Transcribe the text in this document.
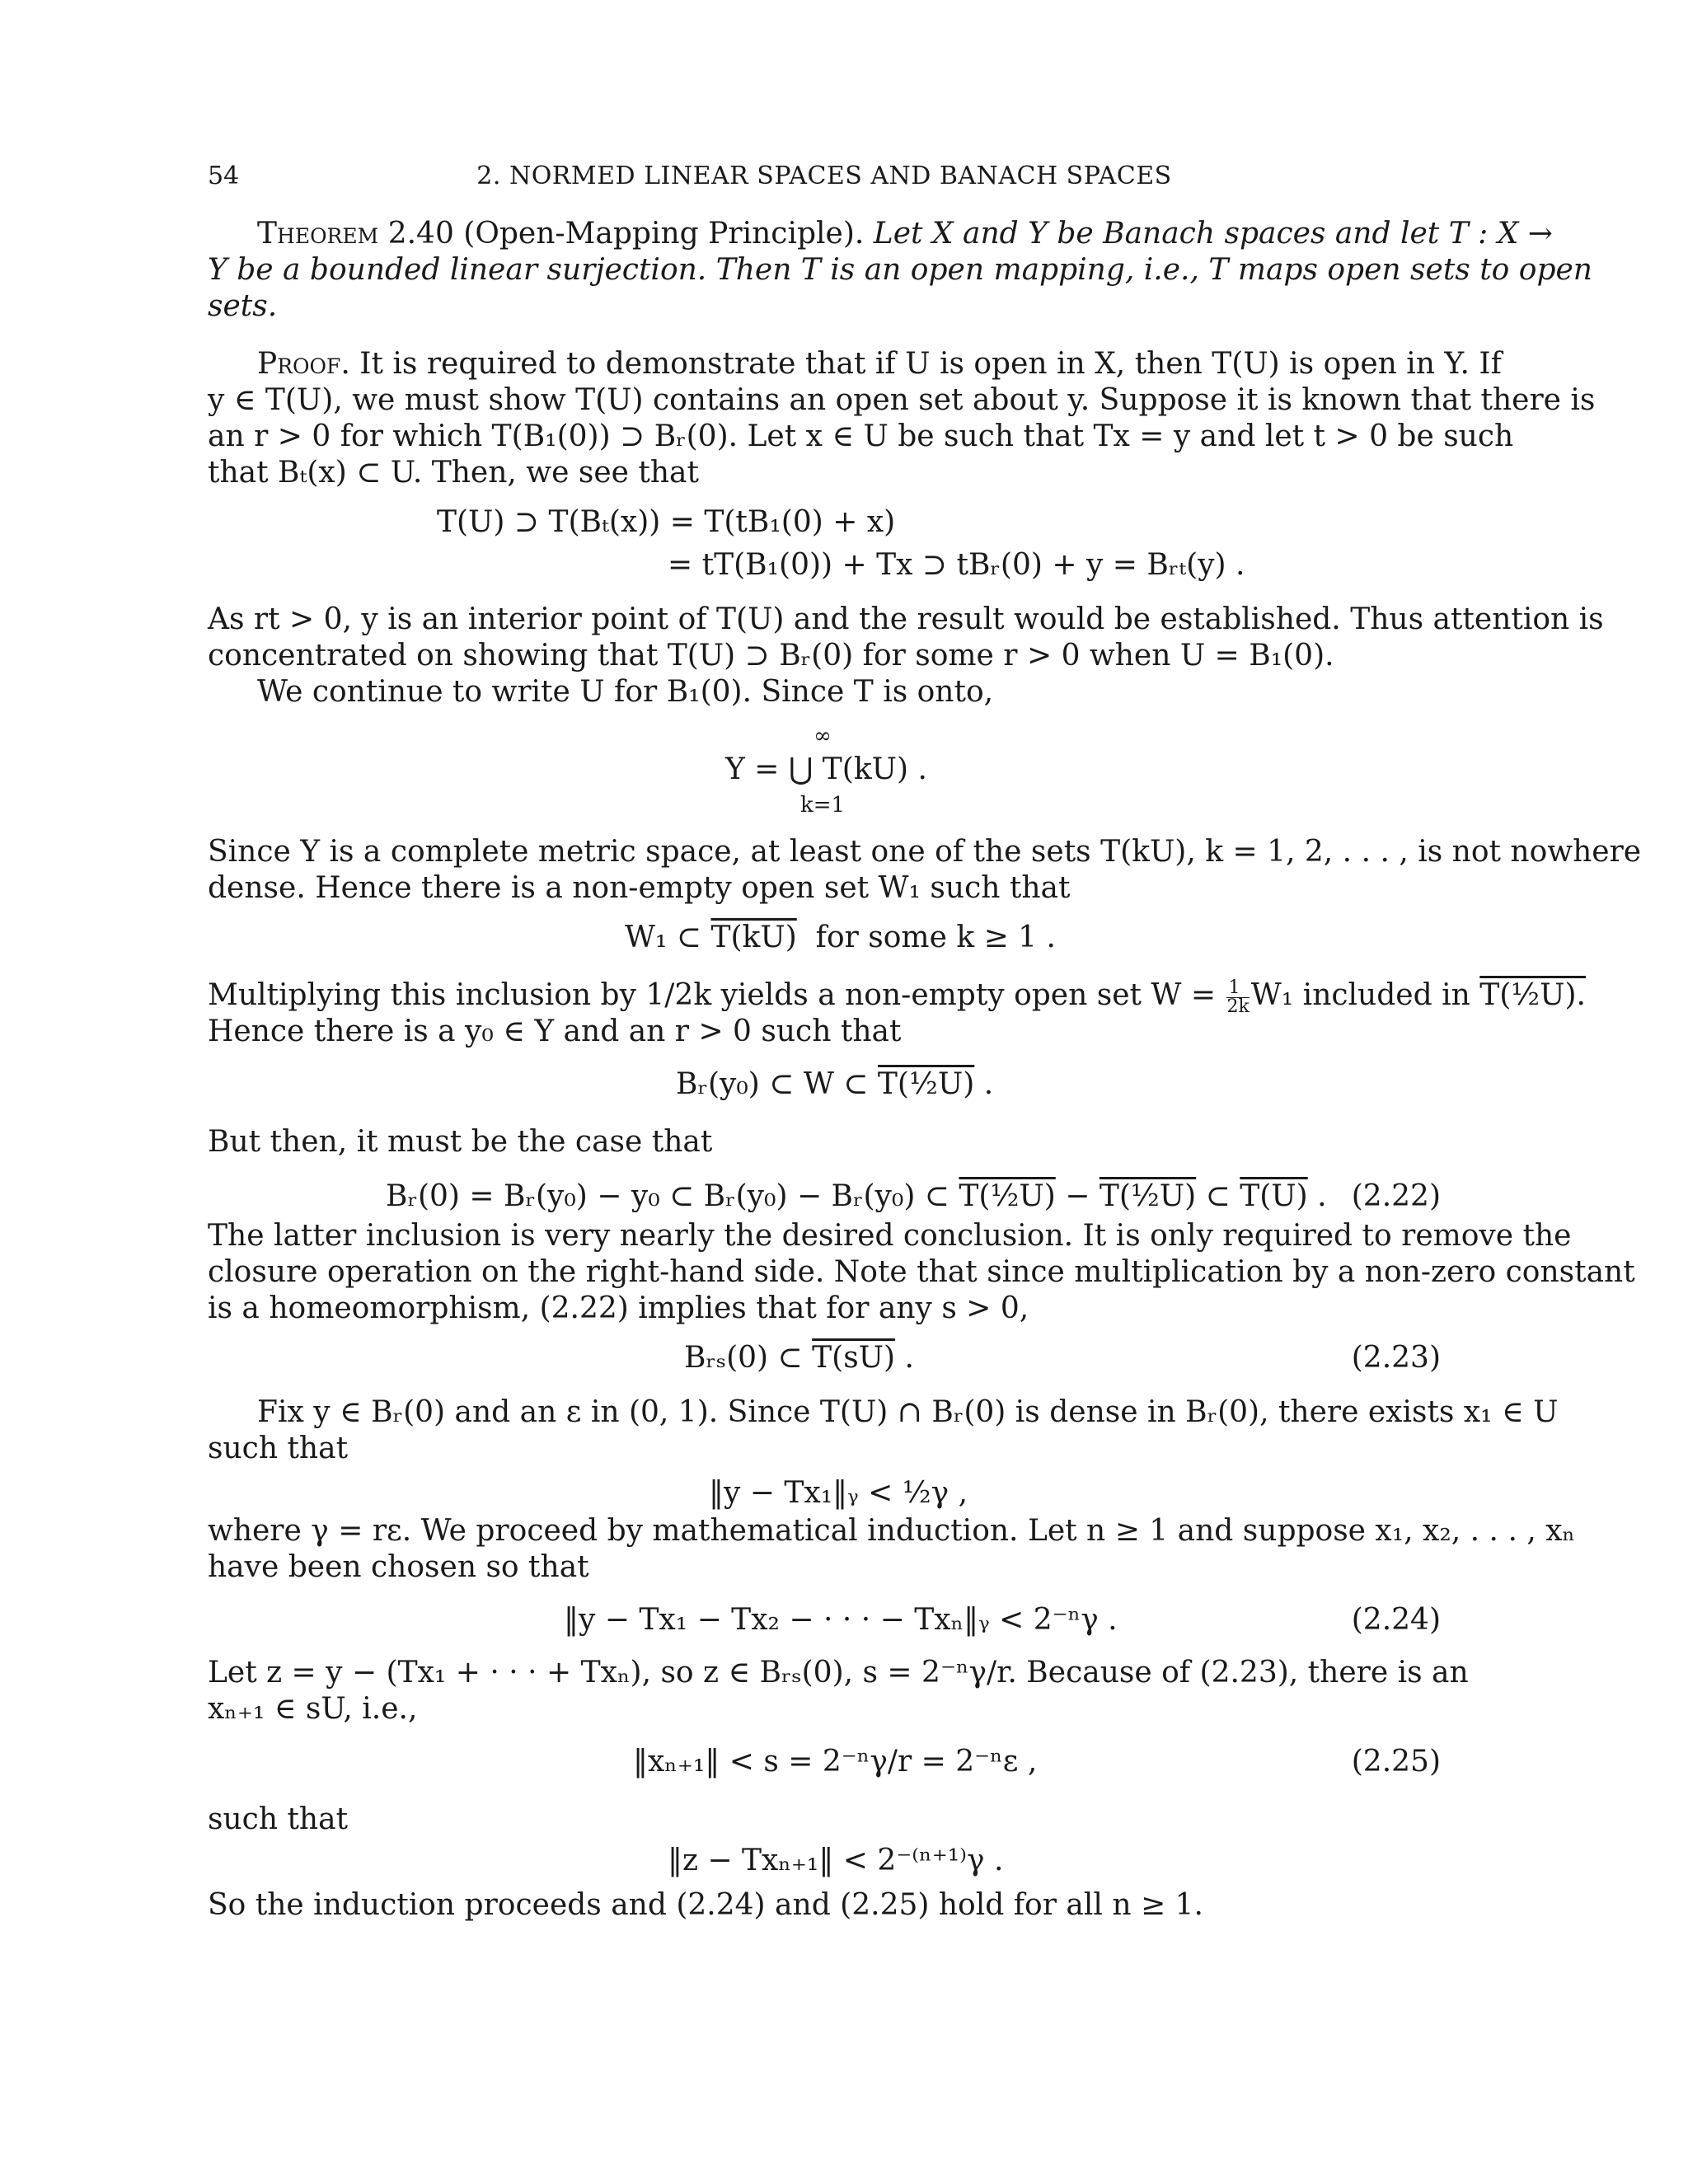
54	2. NORMED LINEAR SPACES AND BANACH SPACES
Theorem 2.40 (Open-Mapping Principle). Let X and Y be Banach spaces and let T : X →
Y be a bounded linear surjection. Then T is an open mapping, i.e., T maps open sets to open
sets.
Proof. It is required to demonstrate that if U is open in X, then T(U) is open in Y. If
y ∈ T(U), we must show T(U) contains an open set about y. Suppose it is known that there is
an r > 0 for which T(B₁(0)) ⊃ Bᵣ(0). Let x ∈ U be such that Tx = y and let t > 0 be such
that Bₜ(x) ⊂ U. Then, we see that
T(U) ⊃ T(Bₜ(x)) = T(tB₁(0) + x)
= tT(B₁(0)) + Tx ⊃ tBᵣ(0) + y = Bᵣₜ(y) .
As rt > 0, y is an interior point of T(U) and the result would be established. Thus attention is
concentrated on showing that T(U) ⊃ Bᵣ(0) for some r > 0 when U = B₁(0).
We continue to write U for B₁(0). Since T is onto,
∞
Y = ⋃ T(kU) .
k=1
Since Y is a complete metric space, at least one of the sets T(kU), k = 1, 2, . . . , is not nowhere
dense. Hence there is a non-empty open set W₁ such that
W₁ ⊂ T(kU)  for some k ≥ 1 .
Multiplying this inclusion by 1/2k yields a non-empty open set $W = \frac{1}{2k} W_1$ included in T(½U).
Hence there is a y₀ ∈ Y and an r > 0 such that
Bᵣ(y₀) ⊂ W ⊂ T(½U) .
But then, it must be the case that
Bᵣ(0) = Bᵣ(y₀) − y₀ ⊂ Bᵣ(y₀) − Bᵣ(y₀) ⊂ T(½U) − T(½U) ⊂ T(U) . (2.22)
The latter inclusion is very nearly the desired conclusion. It is only required to remove the
closure operation on the right-hand side. Note that since multiplication by a non-zero constant
is a homeomorphism, (2.22) implies that for any s > 0,
Bᵣₛ(0) ⊂ T(sU) .	(2.23)
Fix y ∈ Bᵣ(0) and an ε in (0, 1). Since T(U) ∩ Bᵣ(0) is dense in Bᵣ(0), there exists x₁ ∈ U
such that
‖y − Tx₁‖ᵧ < ½γ ,
where γ = rε. We proceed by mathematical induction. Let n ≥ 1 and suppose x₁, x₂, . . . , xₙ
have been chosen so that
‖y − Tx₁ − Tx₂ − · · · − Txₙ‖ᵧ < 2⁻ⁿγ .	(2.24)
Let z = y − (Tx₁ + · · · + Txₙ), so z ∈ Bᵣₛ(0), s = 2⁻ⁿγ/r. Because of (2.23), there is an
xₙ₊₁ ∈ sU, i.e.,
‖xₙ₊₁‖ < s = 2⁻ⁿγ/r = 2⁻ⁿε ,	(2.25)
such that
‖z − Txₙ₊₁‖ < 2⁻⁽ⁿ⁺¹⁾γ .
So the induction proceeds and (2.24) and (2.25) hold for all n ≥ 1.
